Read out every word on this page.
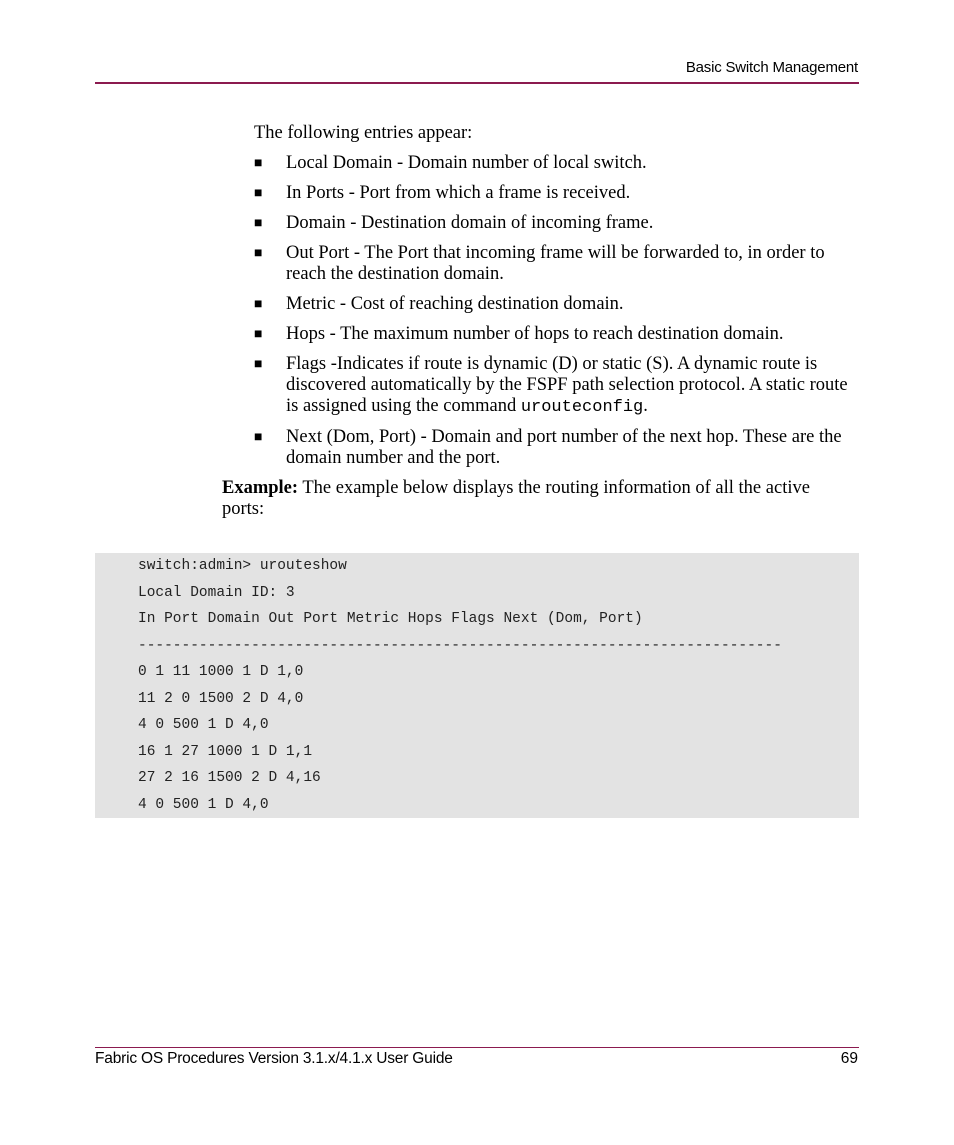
Basic Switch Management
The following entries appear:
■ Local Domain - Domain number of local switch.
■ In Ports - Port from which a frame is received.
■ Domain - Destination domain of incoming frame.
■ Out Port - The Port that incoming frame will be forwarded to, in order to reach the destination domain.
■ Metric - Cost of reaching destination domain.
■ Hops - The maximum number of hops to reach destination domain.
■ Flags -Indicates if route is dynamic (D) or static (S). A dynamic route is discovered automatically by the FSPF path selection protocol. A static route is assigned using the command urouteconfig.
■ Next (Dom, Port) - Domain and port number of the next hop. These are the domain number and the port.
Example: The example below displays the routing information of all the active ports:
switch:admin> urouteshow
Local Domain ID: 3
In Port Domain Out Port Metric Hops Flags Next (Dom, Port)
--------------------------------------------------------------------------
0 1 11 1000 1 D 1,0
11 2 0 1500 2 D 4,0
4 0 500 1 D 4,0
16 1 27 1000 1 D 1,1
27 2 16 1500 2 D 4,16
4 0 500 1 D 4,0
Fabric OS Procedures Version 3.1.x/4.1.x User Guide	69
